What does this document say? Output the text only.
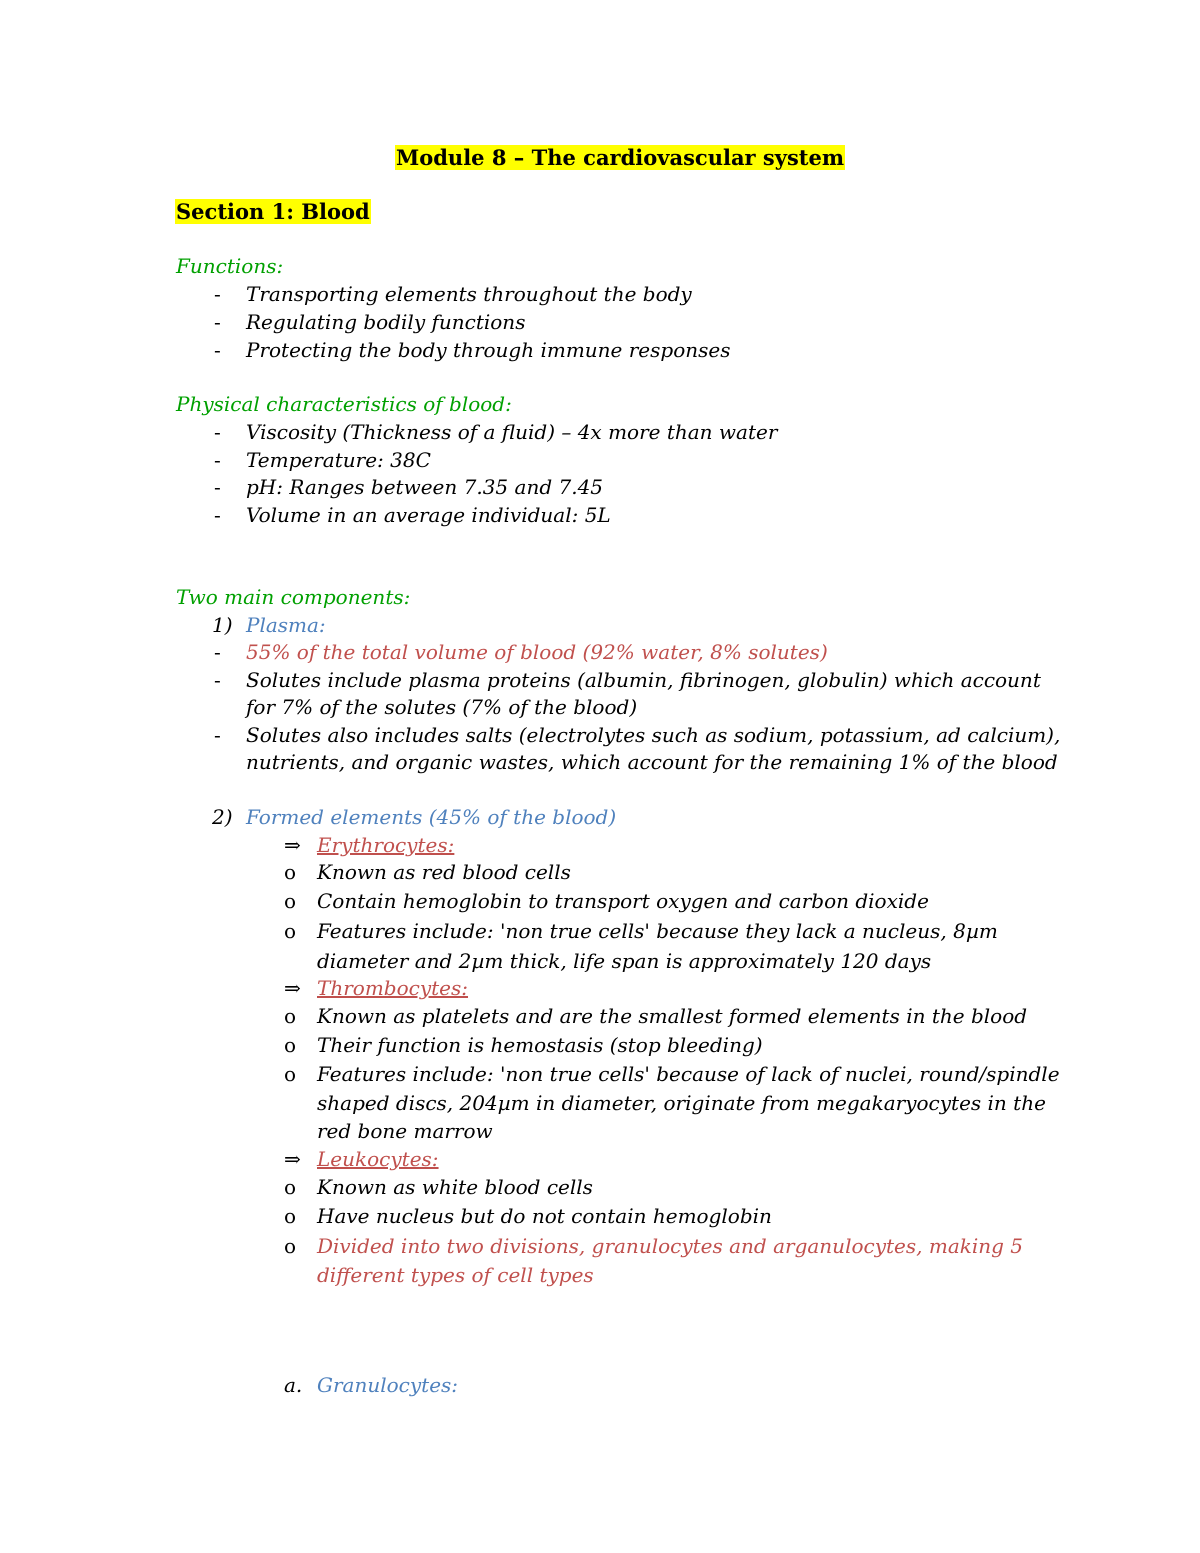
Module 8 – The cardiovascular system
Section 1: Blood
Functions:
- Transporting elements throughout the body
- Regulating bodily functions
- Protecting the body through immune responses
Physical characteristics of blood:
- Viscosity (Thickness of a fluid) – 4x more than water
- Temperature: 38C
- pH: Ranges between 7.35 and 7.45
- Volume in an average individual: 5L
Two main components:
1) Plasma:
- 55% of the total volume of blood (92% water, 8% solutes)
- Solutes include plasma proteins (albumin, fibrinogen, globulin) which account
for 7% of the solutes (7% of the blood)
- Solutes also includes salts (electrolytes such as sodium, potassium, ad calcium),
nutrients, and organic wastes, which account for the remaining 1% of the blood
2) Formed elements (45% of the blood)
⇒ Erythrocytes:
o Known as red blood cells
o Contain hemoglobin to transport oxygen and carbon dioxide
o Features include: 'non true cells' because they lack a nucleus, 8µm
diameter and 2µm thick, life span is approximately 120 days
⇒ Thrombocytes:
o Known as platelets and are the smallest formed elements in the blood
o Their function is hemostasis (stop bleeding)
o Features include: 'non true cells' because of lack of nuclei, round/spindle
shaped discs, 204µm in diameter, originate from megakaryocytes in the
red bone marrow
⇒ Leukocytes:
o Known as white blood cells
o Have nucleus but do not contain hemoglobin
o Divided into two divisions, granulocytes and arganulocytes, making 5
different types of cell types
a. Granulocytes:
